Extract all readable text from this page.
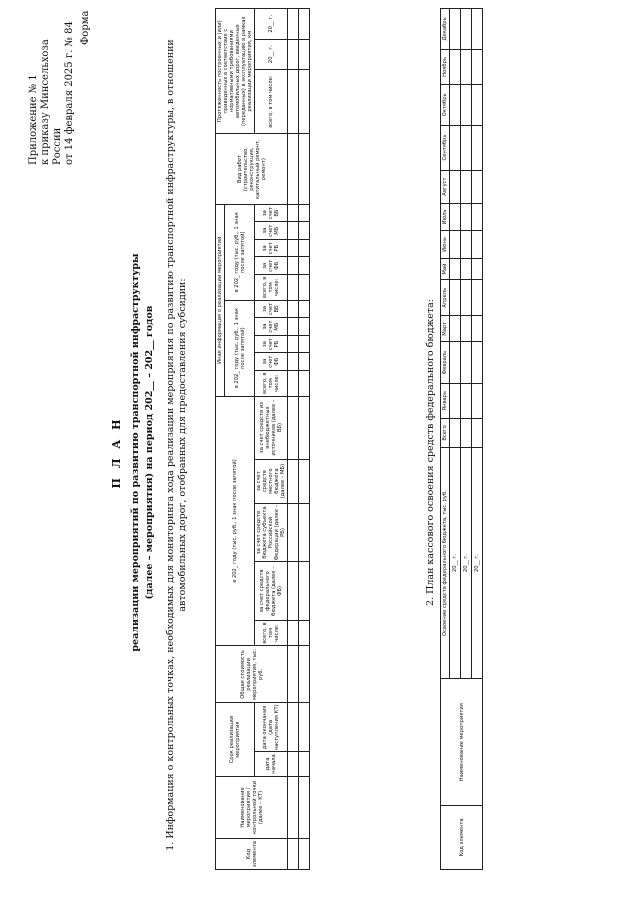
Приложение № 1 к приказу Минсельхоза России от 14 февраля 2025 г. № 84 Форма
П Л А Н реализации мероприятий по развитию транспортной инфраструктуры (далее – мероприятия) на период 202__ – 202__ годов 1. Информация о контрольных точках, необходимых для мониторинга хода реализации мероприятия по развитию транспортной инфраструктуры, в отношении автомобильных дорог, отобранных для предоставления субсидии:
Код элемента	Наименование мероприятия / контрольной точки (далее – КТ)	Срок реализации мероприятия		Общая стоимость реализации мероприятия, тыс. руб.	в 202_ году (тыс. руб., 1 знак после запятой)					Иная информация о реализации мероприятий										Вид работ (строительство, реконструкция, капитальный ремонт, ремонт)	Протяженность построенных и (или) приведенных в соответствие с нормативными требованиями автомобильных дорог, введенных (переданных) в эксплуатацию в рамках реализации мероприятия, км		
										в 202_ году (тыс. руб., 1 знак после запятой)					в 202_ году (тыс. руб., 1 знак после запятой)								

		дата начала	дата окончания (дата наступления КТ)		всего, в том числе:	за счет средств федерального бюджета (далее – ФБ)	за счет средств бюджета субъекта Российской Федерации (далее – РБ)	за счет средств местного бюджета (далее – МБ)	за счет средств из внебюджетных источников (далее – ВБ)	всего, в том числе:	за счет ФБ	за счет РБ	за счет МБ	за счет ВБ	всего, в том числе:	за счет ФБ	за счет РБ	за счет МБ	за счет ВБ		всего, в том числе:	20__ г.	20__ г.

2. План кассового освоения средств федерального бюджета:
Код элемента	Наименование мероприятия	Освоение средств федерального бюджета, тыс. руб.	Всего	Январь	Февраль	Март	Апрель	Май	Июнь	Июль	Август	Сентябрь	Октябрь	Ноябрь	Декабрь
		20__ г.													
		20__ г.													
		20__ г.													
